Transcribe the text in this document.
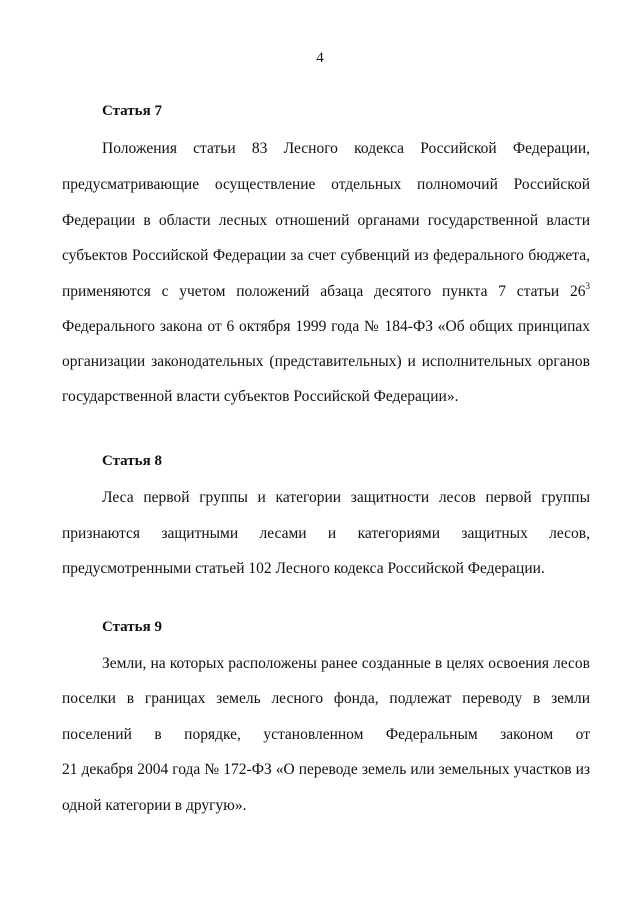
4
Статья 7
Положения статьи 83 Лесного кодекса Российской Федерации,
предусматривающие осуществление отдельных полномочий Российской
Федерации в области лесных отношений органами государственной власти
субъектов Российской Федерации за счет субвенций из федерального бюджета,
применяются с учетом положений абзаца десятого пункта 7 статьи $26^3$
Федерального закона от 6 октября 1999 года № 184-ФЗ «Об общих принципах
организации законодательных (представительных) и исполнительных органов
государственной власти субъектов Российской Федерации».
Статья 8
Леса первой группы и категории защитности лесов первой группы
признаются защитными лесами и категориями защитных лесов,
предусмотренными статьей 102 Лесного кодекса Российской Федерации.
Статья 9
Земли, на которых расположены ранее созданные в целях освоения лесов
поселки в границах земель лесного фонда, подлежат переводу в земли
поселений в порядке, установленном Федеральным законом от
21 декабря 2004 года № 172-ФЗ «О переводе земель или земельных участков из
одной категории в другую».
